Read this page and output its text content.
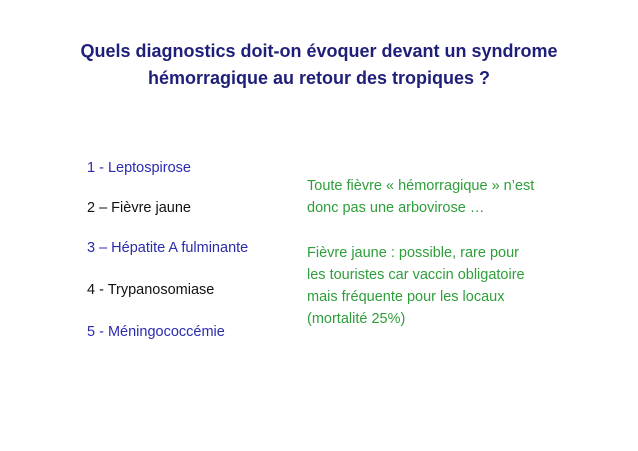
Quels diagnostics doit-on évoquer devant un syndrome
hémorragique au retour des tropiques ?
1 - Leptospirose
2 – Fièvre jaune
3 – Hépatite A fulminante
4 - Trypanosomiase
5 - Méningococcémie
Toute fièvre « hémorragique » n’est
donc pas une arbovirose …
Fièvre jaune : possible, rare pour
les touristes car vaccin obligatoire
mais fréquente pour les locaux
(mortalité 25%)
